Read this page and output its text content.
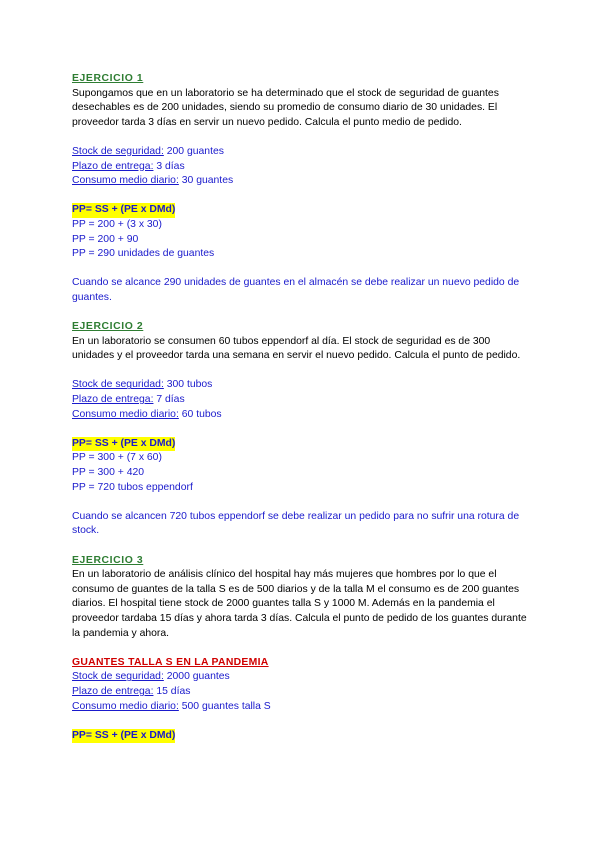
EJERCICIO 1

Supongamos que en un laboratorio se ha determinado que el stock de seguridad de guantes desechables es de 200 unidades, siendo su promedio de consumo diario de 30 unidades. El proveedor tarda 3 días en servir un nuevo pedido. Calcula el punto medio de pedido.

Stock de seguridad: 200 guantes

Plazo de entrega: 3 días

Consumo medio diario: 30 guantes

PP= SS + (PE x DMd)

PP = 200 + (3 x 30)

PP = 200 + 90

PP = 290 unidades de guantes

Cuando se alcance 290 unidades de guantes en el almacén se debe realizar un nuevo pedido de guantes.

EJERCICIO 2

En un laboratorio se consumen 60 tubos eppendorf al día. El stock de seguridad es de 300 unidades y el proveedor tarda una semana en servir el nuevo pedido. Calcula el punto de pedido.

Stock de seguridad: 300 tubos

Plazo de entrega: 7 días

Consumo medio diario: 60 tubos

PP= SS + (PE x DMd)

PP = 300 + (7 x 60)

PP = 300 + 420

PP = 720 tubos eppendorf

Cuando se alcancen 720 tubos eppendorf se debe realizar un pedido para no sufrir una rotura de stock.

EJERCICIO 3

En un laboratorio de análisis clínico del hospital hay más mujeres que hombres por lo que el consumo de guantes de la talla S es de 500 diarios y de la talla M el consumo es de 200 guantes diarios. El hospital tiene stock de 2000 guantes talla S y 1000 M. Además en la pandemia el proveedor tardaba 15 días y ahora tarda 3 días. Calcula el punto de pedido de los guantes durante la pandemia y ahora.

GUANTES TALLA S EN LA PANDEMIA

Stock de seguridad: 2000 guantes

Plazo de entrega: 15 días

Consumo medio diario: 500 guantes talla S

PP= SS + (PE x DMd)
